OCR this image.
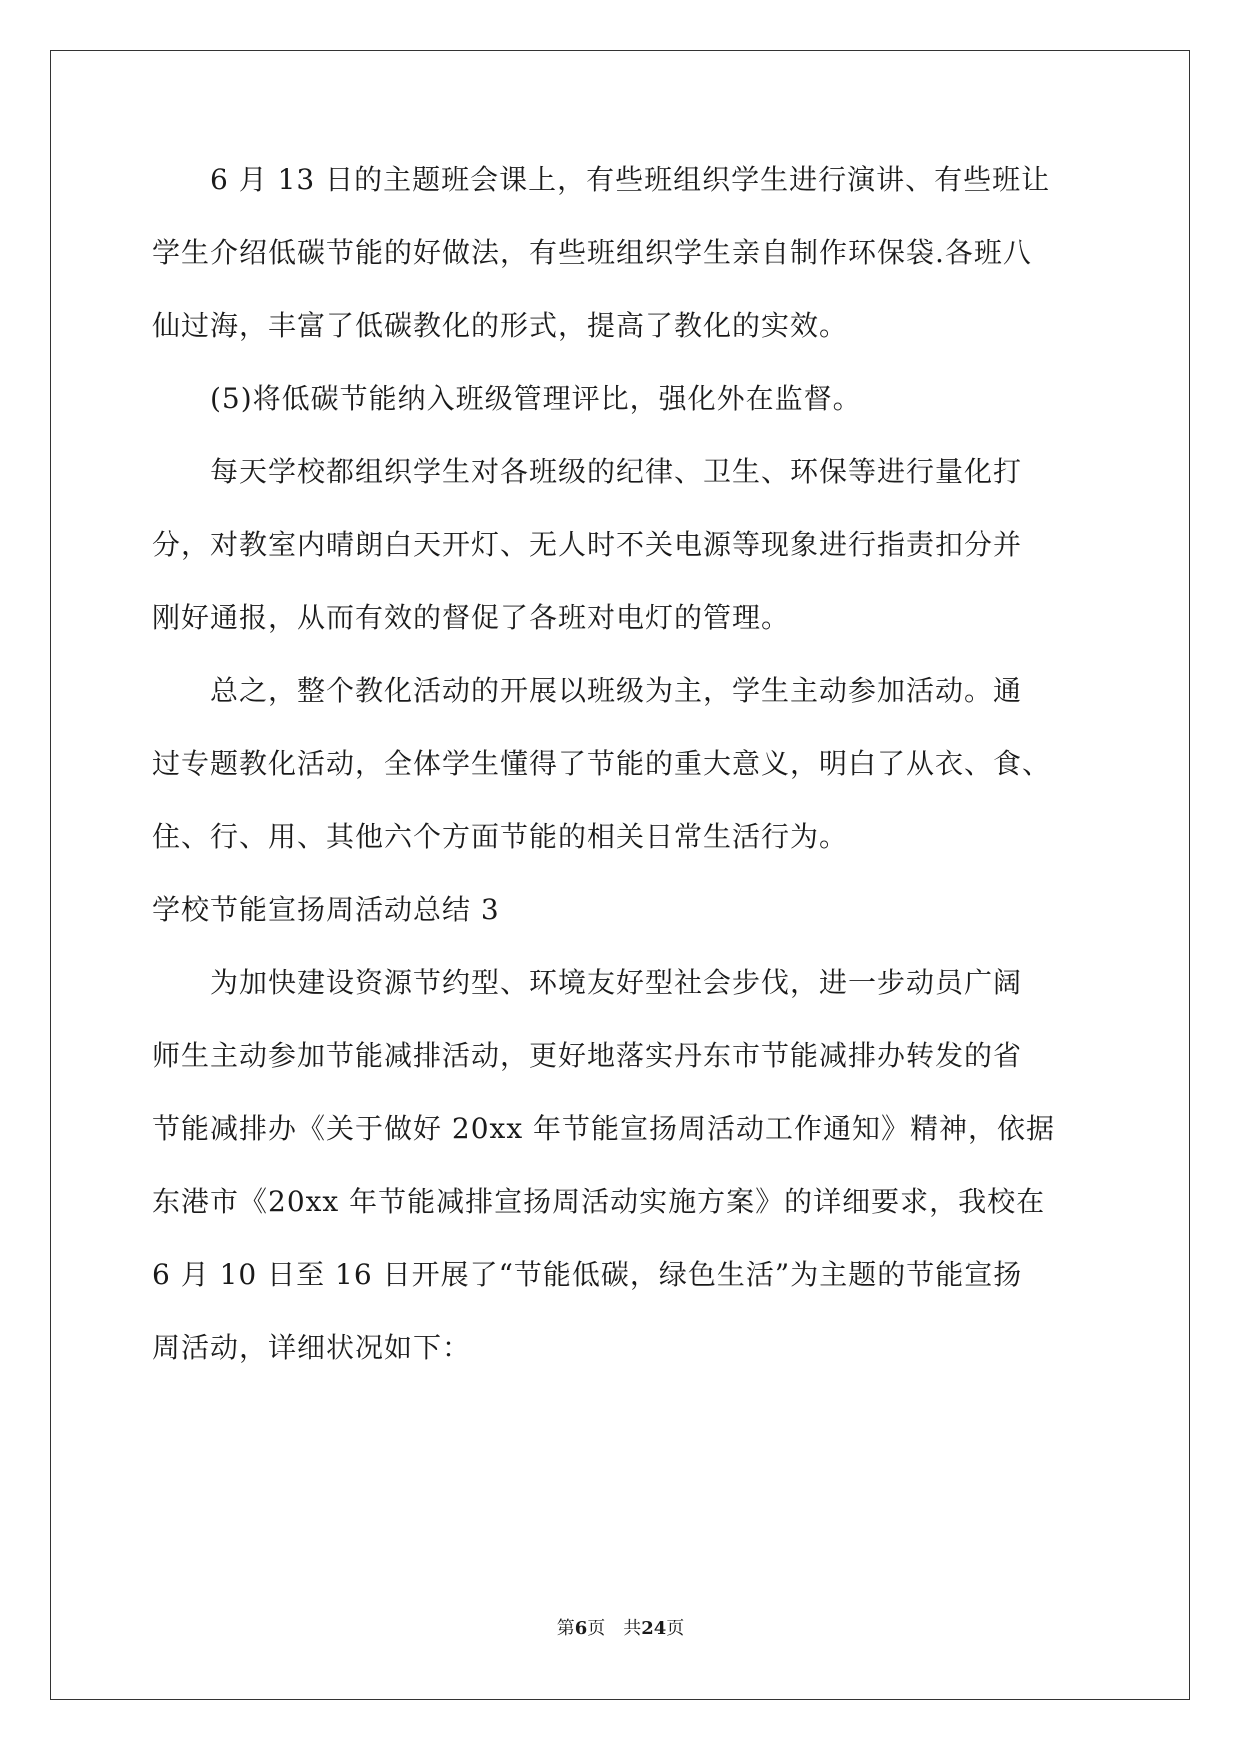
　　6 月 13 日的主题班会课上，有些班组织学生进行演讲、有些班让
学生介绍低碳节能的好做法，有些班组织学生亲自制作环保袋.各班八
仙过海，丰富了低碳教化的形式，提高了教化的实效。
　　(5)将低碳节能纳入班级管理评比，强化外在监督。
　　每天学校都组织学生对各班级的纪律、卫生、环保等进行量化打
分，对教室内晴朗白天开灯、无人时不关电源等现象进行指责扣分并
刚好通报，从而有效的督促了各班对电灯的管理。
　　总之，整个教化活动的开展以班级为主，学生主动参加活动。通
过专题教化活动，全体学生懂得了节能的重大意义，明白了从衣、食、
住、行、用、其他六个方面节能的相关日常生活行为。
学校节能宣扬周活动总结 3
　　为加快建设资源节约型、环境友好型社会步伐，进一步动员广阔
师生主动参加节能减排活动，更好地落实丹东市节能减排办转发的省
节能减排办《关于做好 20xx 年节能宣扬周活动工作通知》精神，依据
东港市《20xx 年节能减排宣扬周活动实施方案》的详细要求，我校在
6 月 10 日至 16 日开展了“节能低碳，绿色生活”为主题的节能宣扬
周活动，详细状况如下：
第6页　共24页
